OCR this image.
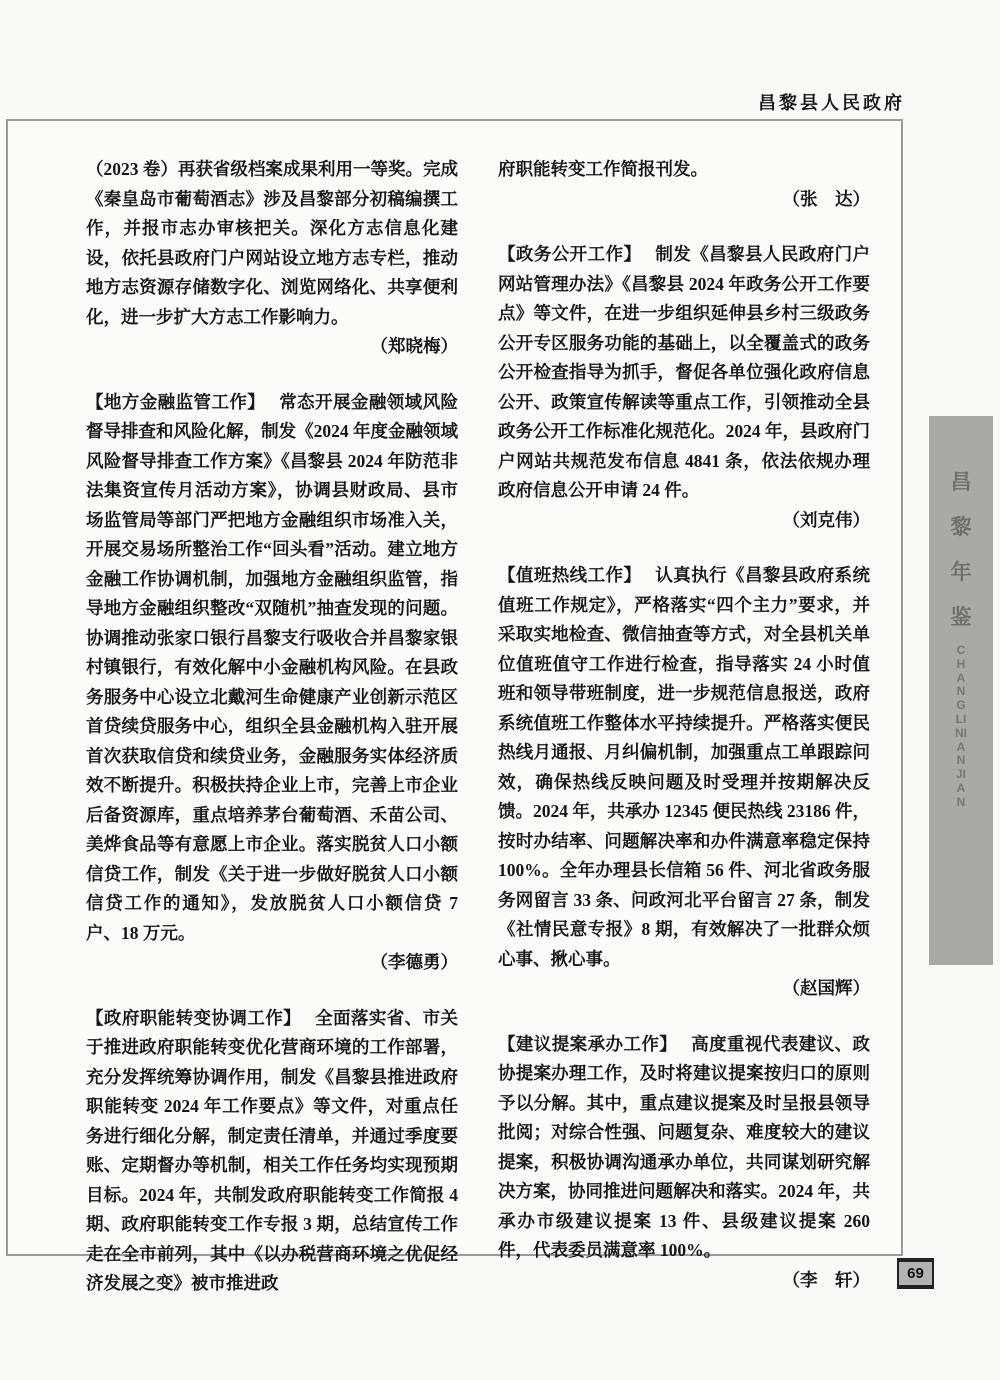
昌黎县人民政府

（2023 卷）再获省级档案成果利用一等奖。完成《秦皇岛市葡萄酒志》涉及昌黎部分初稿编撰工作，并报市志办审核把关。深化方志信息化建设，依托县政府门户网站设立地方志专栏，推动地方志资源存储数字化、浏览网络化、共享便利化，进一步扩大方志工作影响力。

（郑晓梅）

【地方金融监管工作】 常态开展金融领域风险督导排查和风险化解，制发《2024 年度金融领域风险督导排查工作方案》《昌黎县 2024 年防范非法集资宣传月活动方案》，协调县财政局、县市场监管局等部门严把地方金融组织市场准入关，开展交易场所整治工作“回头看”活动。建立地方金融工作协调机制，加强地方金融组织监管，指导地方金融组织整改“双随机”抽查发现的问题。协调推动张家口银行昌黎支行吸收合并昌黎家银村镇银行，有效化解中小金融机构风险。在县政务服务中心设立北戴河生命健康产业创新示范区首贷续贷服务中心，组织全县金融机构入驻开展首次获取信贷和续贷业务，金融服务实体经济质效不断提升。积极扶持企业上市，完善上市企业后备资源库，重点培养茅台葡萄酒、禾苗公司、美烨食品等有意愿上市企业。落实脱贫人口小额信贷工作，制发《关于进一步做好脱贫人口小额信贷工作的通知》，发放脱贫人口小额信贷 7 户、18 万元。

（李德勇）

【政府职能转变协调工作】 全面落实省、市关于推进政府职能转变优化营商环境的工作部署，充分发挥统筹协调作用，制发《昌黎县推进政府职能转变 2024 年工作要点》等文件，对重点任务进行细化分解，制定责任清单，并通过季度要账、定期督办等机制，相关工作任务均实现预期目标。2024 年，共制发政府职能转变工作简报 4 期、政府职能转变工作专报 3 期，总结宣传工作走在全市前列，其中《以办税营商环境之优促经济发展之变》被市推进政

府职能转变工作简报刊发。

（张　达）

【政务公开工作】 制发《昌黎县人民政府门户网站管理办法》《昌黎县 2024 年政务公开工作要点》等文件，在进一步组织延伸县乡村三级政务公开专区服务功能的基础上，以全覆盖式的政务公开检查指导为抓手，督促各单位强化政府信息公开、政策宣传解读等重点工作，引领推动全县政务公开工作标准化规范化。2024 年，县政府门户网站共规范发布信息 4841 条，依法依规办理政府信息公开申请 24 件。

（刘克伟）

【值班热线工作】 认真执行《昌黎县政府系统值班工作规定》，严格落实“四个主力”要求，并采取实地检查、微信抽查等方式，对全县机关单位值班值守工作进行检查，指导落实 24 小时值班和领导带班制度，进一步规范信息报送，政府系统值班工作整体水平持续提升。严格落实便民热线月通报、月纠偏机制，加强重点工单跟踪问效，确保热线反映问题及时受理并按期解决反馈。2024 年，共承办 12345 便民热线 23186 件，按时办结率、问题解决率和办件满意率稳定保持 100%。全年办理县长信箱 56 件、河北省政务服务网留言 33 条、问政河北平台留言 27 条，制发《社情民意专报》8 期，有效解决了一批群众烦心事、揪心事。

（赵国辉）

【建议提案承办工作】 高度重视代表建议、政协提案办理工作，及时将建议提案按归口的原则予以分解。其中，重点建议提案及时呈报县领导批阅；对综合性强、问题复杂、难度较大的建议提案，积极协调沟通承办单位，共同谋划研究解决方案，协同推进问题解决和落实。2024 年，共承办市级建议提案 13 件、县级建议提案 260 件，代表委员满意率 100%。

（李　轩）

昌黎年鉴
CHANGLINIANJIAN
69
